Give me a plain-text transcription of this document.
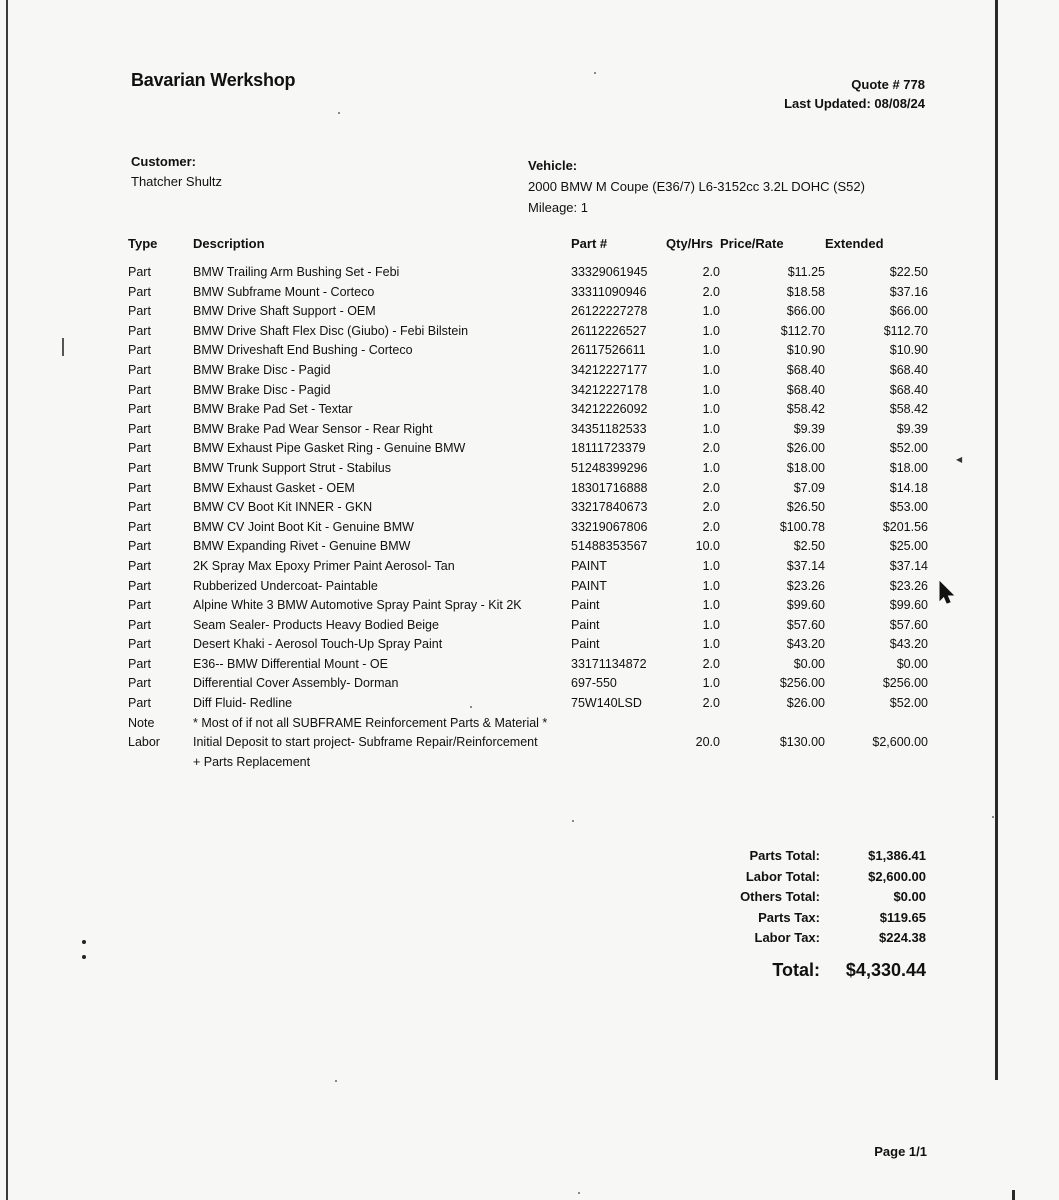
Bavarian Werkshop	Quote # 778
Last Updated: 08/08/24
Customer:
Thatcher Shultz
Vehicle:
2000 BMW M Coupe (E36/7) L6-3152cc 3.2L DOHC (S52)
Mileage: 1
Type	Description	Part #	Qty/Hrs	Price/Rate	Extended
Part	BMW Trailing Arm Bushing Set - Febi	33329061945	2.0	$11.25	$22.50
Part	BMW Subframe Mount - Corteco	33311090946	2.0	$18.58	$37.16
Part	BMW Drive Shaft Support - OEM	26122227278	1.0	$66.00	$66.00
Part	BMW Drive Shaft Flex Disc (Giubo) - Febi Bilstein	26112226527	1.0	$112.70	$112.70
Part	BMW Driveshaft End Bushing - Corteco	26117526611	1.0	$10.90	$10.90
Part	BMW Brake Disc - Pagid	34212227177	1.0	$68.40	$68.40
Part	BMW Brake Disc - Pagid	34212227178	1.0	$68.40	$68.40
Part	BMW Brake Pad Set - Textar	34212226092	1.0	$58.42	$58.42
Part	BMW Brake Pad Wear Sensor - Rear Right	34351182533	1.0	$9.39	$9.39
Part	BMW Exhaust Pipe Gasket Ring - Genuine BMW	18111723379	2.0	$26.00	$52.00
Part	BMW Trunk Support Strut - Stabilus	51248399296	1.0	$18.00	$18.00
Part	BMW Exhaust Gasket - OEM	18301716888	2.0	$7.09	$14.18
Part	BMW CV Boot Kit INNER - GKN	33217840673	2.0	$26.50	$53.00
Part	BMW CV Joint Boot Kit - Genuine BMW	33219067806	2.0	$100.78	$201.56
Part	BMW Expanding Rivet - Genuine BMW	51488353567	10.0	$2.50	$25.00
Part	2K Spray Max Epoxy Primer Paint Aerosol- Tan	PAINT	1.0	$37.14	$37.14
Part	Rubberized Undercoat- Paintable	PAINT	1.0	$23.26	$23.26
Part	Alpine White 3 BMW Automotive Spray Paint Spray - Kit 2K	Paint	1.0	$99.60	$99.60
Part	Seam Sealer- Products Heavy Bodied Beige	Paint	1.0	$57.60	$57.60
Part	Desert Khaki - Aerosol Touch-Up Spray Paint	Paint	1.0	$43.20	$43.20
Part	E36-- BMW Differential Mount - OE	33171134872	2.0	$0.00	$0.00
Part	Differential Cover Assembly- Dorman	697-550	1.0	$256.00	$256.00
Part	Diff Fluid- Redline	75W140LSD	2.0	$26.00	$52.00
Note	* Most of if not all SUBFRAME Reinforcement Parts & Material *				

Labor	Initial Deposit to start project- Subframe Repair/Reinforcement + Parts Replacement		20.0	$130.00	$2,600.00
Parts Total:	$1,386.41
Labor Total:	$2,600.00
Others Total:	$0.00
Parts Tax:	$119.65
Labor Tax:	$224.38
Total:	$4,330.44
Page 1/1
◀
